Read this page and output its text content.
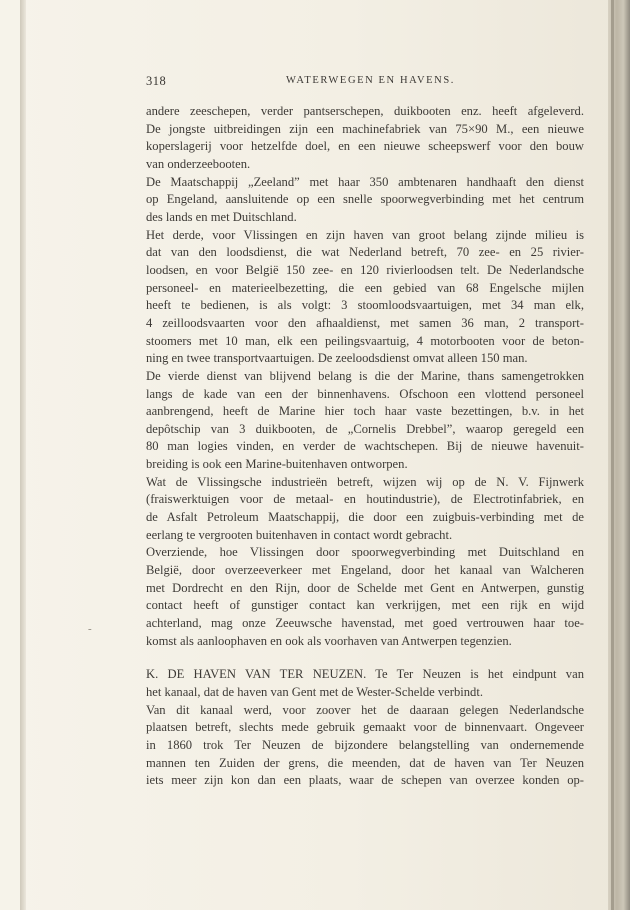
318	WATERWEGEN EN HAVENS.
-
andere zeeschepen, verder pantserschepen, duikbooten enz. heeft afgeleverd.
De jongste uitbreidingen zijn een machinefabriek van 75×90 M., een nieuwe
koperslagerij voor hetzelfde doel, en een nieuwe scheepswerf voor den bouw
van onderzeebooten.
De Maatschappij „Zeeland” met haar 350 ambtenaren handhaaft den dienst
op Engeland, aansluitende op een snelle spoorwegverbinding met het centrum
des lands en met Duitschland.
Het derde, voor Vlissingen en zijn haven van groot belang zijnde milieu is
dat van den loodsdienst, die wat Nederland betreft, 70 zee- en 25 rivier-
loodsen, en voor België 150 zee- en 120 rivierloodsen telt. De Nederlandsche
personeel- en materieelbezetting, die een gebied van 68 Engelsche mijlen
heeft te bedienen, is als volgt: 3 stoomloodsvaartuigen, met 34 man elk,
4 zeilloodsvaarten voor den afhaaldienst, met samen 36 man, 2 transport-
stoomers met 10 man, elk een peilingsvaartuig, 4 motorbooten voor de beton-
ning en twee transportvaartuigen. De zeeloodsdienst omvat alleen 150 man.
De vierde dienst van blijvend belang is die der Marine, thans samengetrokken
langs de kade van een der binnenhavens. Ofschoon een vlottend personeel
aanbrengend, heeft de Marine hier toch haar vaste bezettingen, b.v. in het
depôtschip van 3 duikbooten, de „Cornelis Drebbel”, waarop geregeld een
80 man logies vinden, en verder de wachtschepen. Bij de nieuwe havenuit-
breiding is ook een Marine-buitenhaven ontworpen.
Wat de Vlissingsche industrieën betreft, wijzen wij op de N. V. Fijnwerk
(fraiswerktuigen voor de metaal- en houtindustrie), de Electrotinfabriek, en
de Asfalt Petroleum Maatschappij, die door een zuigbuis-verbinding met de
eerlang te vergrooten buitenhaven in contact wordt gebracht.
Overziende, hoe Vlissingen door spoorwegverbinding met Duitschland en
België, door overzeeverkeer met Engeland, door het kanaal van Walcheren
met Dordrecht en den Rijn, door de Schelde met Gent en Antwerpen, gunstig
contact heeft of gunstiger contact kan verkrijgen, met een rijk en wijd
achterland, mag onze Zeeuwsche havenstad, met goed vertrouwen haar toe-
komst als aanloophaven en ook als voorhaven van Antwerpen tegenzien.
K. DE HAVEN VAN TER NEUZEN. Te Ter Neuzen is het eindpunt van
het kanaal, dat de haven van Gent met de Wester-Schelde verbindt.
Van dit kanaal werd, voor zoover het de daaraan gelegen Nederlandsche
plaatsen betreft, slechts mede gebruik gemaakt voor de binnenvaart. Ongeveer
in 1860 trok Ter Neuzen de bijzondere belangstelling van ondernemende
mannen ten Zuiden der grens, die meenden, dat de haven van Ter Neuzen
iets meer zijn kon dan een plaats, waar de schepen van overzee konden op-
